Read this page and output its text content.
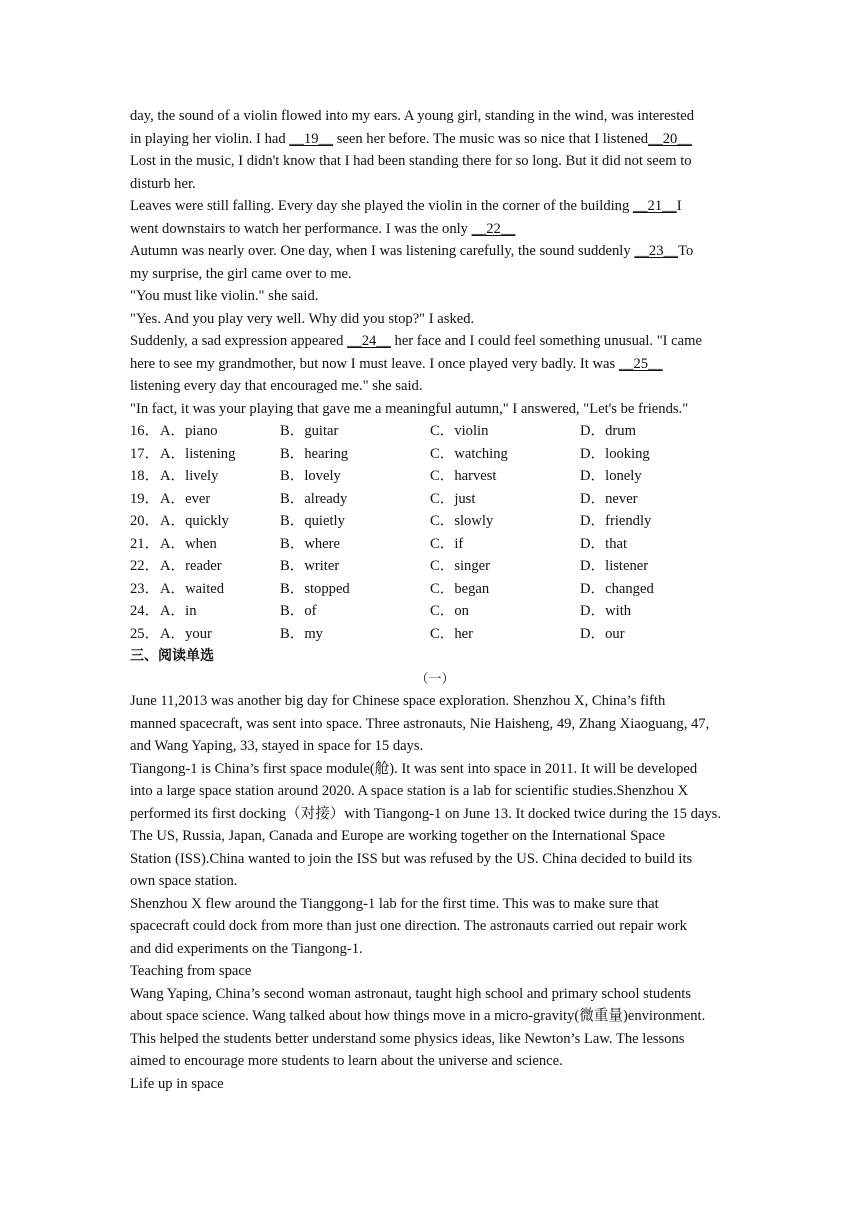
day, the sound of a violin flowed into my ears. A young girl, standing in the wind, was interested
in playing her violin. I had __19__ seen her before. The music was so nice that I listened__20__
Lost in the music, I didn't know that I had been standing there for so long. But it did not seem to
disturb her.
Leaves were still falling. Every day she played the violin in the corner of the building __21__I
went downstairs to watch her performance. I was the only __22__
Autumn was nearly over. One day, when I was listening carefully, the sound suddenly __23__To
my surprise, the girl came over to me.
"You must like violin." she said.
"Yes. And you play very well. Why did you stop?" I asked.
Suddenly, a sad expression appeared __24__ her face and I could feel something unusual. "I came
here to see my grandmother, but now I must leave. I once played very badly. It was __25__
listening every day that encouraged me." she said.
"In fact, it was your playing that gave me a meaningful autumn," I answered, "Let's be friends."
16． A．piano	B．guitar	C．violin	D．drum
17． A．listening	B．hearing	C．watching	D．looking
18． A．lively	B．lovely	C．harvest	D．lonely
19． A．ever	B．already	C．just	D．never
20． A．quickly	B．quietly	C．slowly	D．friendly
21． A．when	B．where	C．if	D．that
22． A．reader	B．writer	C．singer	D．listener
23． A．waited	B．stopped	C．began	D．changed
24． A．in	B．of	C．on	D．with
25． A．your	B．my	C．her	D．our
三、阅读单选
（一）
June 11,2013 was another big day for Chinese space exploration. Shenzhou X, China’s fifth
manned spacecraft, was sent into space. Three astronauts, Nie Haisheng, 49, Zhang Xiaoguang, 47,
and Wang Yaping, 33, stayed in space for 15 days.
Tiangong-1 is China’s first space module(舱). It was sent into space in 2011. It will be developed
into a large space station around 2020. A space station is a lab for scientific studies.Shenzhou X
performed its first docking（对接）with Tiangong-1 on June 13. It docked twice during the 15 days.
The US, Russia, Japan, Canada and Europe are working together on the International Space
Station (ISS).China wanted to join the ISS but was refused by the US. China decided to build its
own space station.
Shenzhou X flew around the Tianggong-1 lab for the first time. This was to make sure that
spacecraft could dock from more than just one direction. The astronauts carried out repair work
and did experiments on the Tiangong-1.
Teaching from space
Wang Yaping, China’s second woman astronaut, taught high school and primary school students
about space science. Wang talked about how things move in a micro-gravity(微重量)environment.
This helped the students better understand some physics ideas, like Newton’s Law. The lessons
aimed to encourage more students to learn about the universe and science.
Life up in space
